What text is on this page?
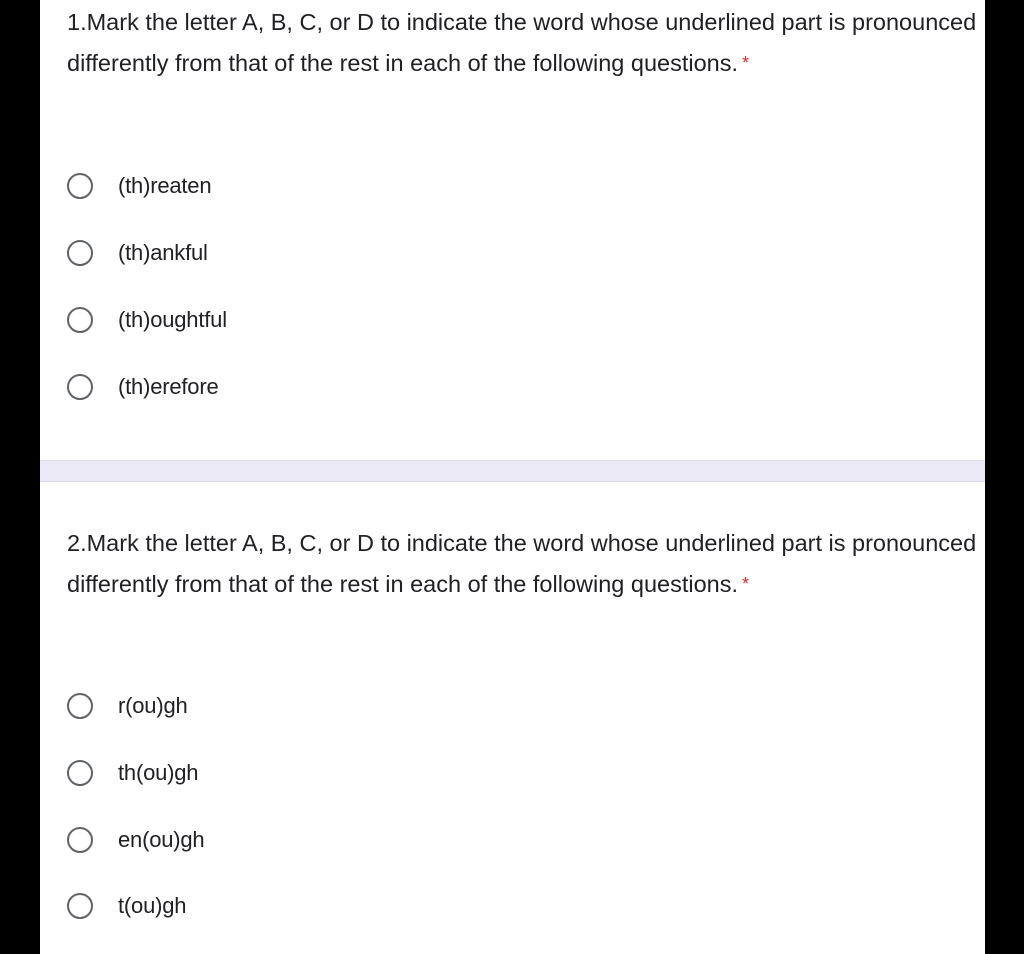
1.Mark the letter A, B, C, or D to indicate the word whose underlined part is pronounced differently from that of the rest in each of the following questions. *
(th)reaten
(th)ankful
(th)oughtful
(th)erefore
2.Mark the letter A, B, C, or D to indicate the word whose underlined part is pronounced differently from that of the rest in each of the following questions. *
r(ou)gh
th(ou)gh
en(ou)gh
t(ou)gh
